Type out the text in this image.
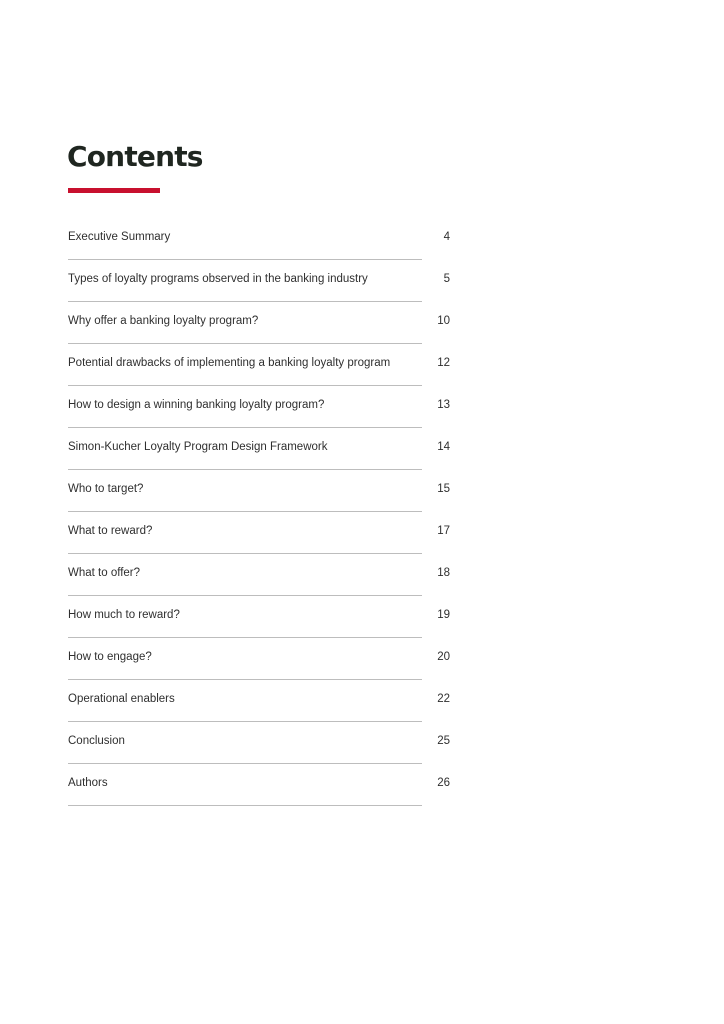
Contents
Executive Summary	4
Types of loyalty programs observed in the banking industry	5
Why offer a banking loyalty program?	10
Potential drawbacks of implementing a banking loyalty program	12
How to design a winning banking loyalty program?	13
Simon-Kucher Loyalty Program Design Framework	14
Who to target?	15
What to reward?	17
What to offer?	18
How much to reward?	19
How to engage?	20
Operational enablers	22
Conclusion	25
Authors	26
